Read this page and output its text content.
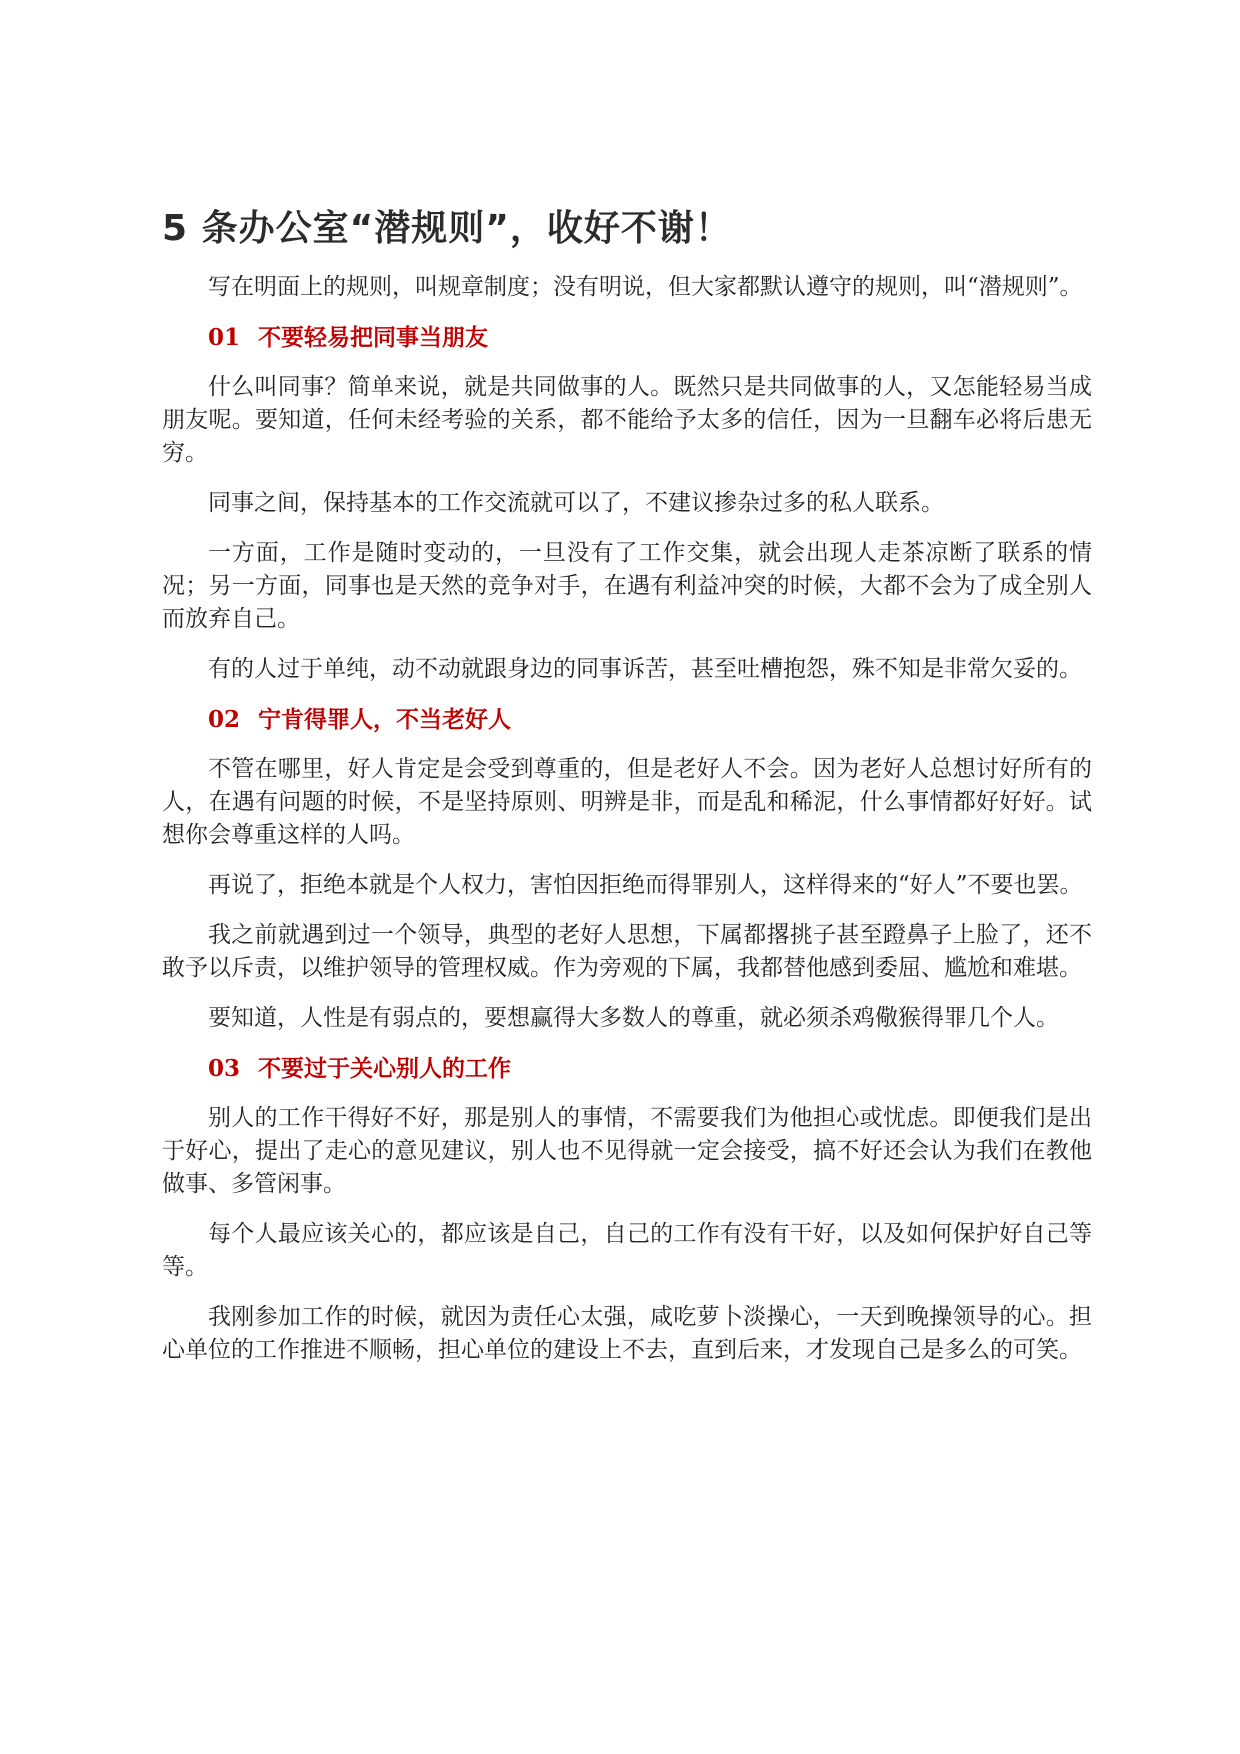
5 条办公室“潜规则”，收好不谢！

写在明面上的规则，叫规章制度；没有明说，但大家都默认遵守的规则，叫“潜规则”。

01 不要轻易把同事当朋友

什么叫同事？简单来说，就是共同做事的人。既然只是共同做事的人，又怎能轻易当成朋友呢。要知道，任何未经考验的关系，都不能给予太多的信任，因为一旦翻车必将后患无穷。

同事之间，保持基本的工作交流就可以了，不建议掺杂过多的私人联系。

一方面，工作是随时变动的，一旦没有了工作交集，就会出现人走茶凉断了联系的情况；另一方面，同事也是天然的竞争对手，在遇有利益冲突的时候，大都不会为了成全别人而放弃自己。

有的人过于单纯，动不动就跟身边的同事诉苦，甚至吐槽抱怨，殊不知是非常欠妥的。

02 宁肯得罪人，不当老好人

不管在哪里，好人肯定是会受到尊重的，但是老好人不会。因为老好人总想讨好所有的人，在遇有问题的时候，不是坚持原则、明辨是非，而是乱和稀泥，什么事情都好好好。试想你会尊重这样的人吗。

再说了，拒绝本就是个人权力，害怕因拒绝而得罪别人，这样得来的“好人”不要也罢。

我之前就遇到过一个领导，典型的老好人思想，下属都撂挑子甚至蹬鼻子上脸了，还不敢予以斥责，以维护领导的管理权威。作为旁观的下属，我都替他感到委屈、尴尬和难堪。

要知道，人性是有弱点的，要想赢得大多数人的尊重，就必须杀鸡儆猴得罪几个人。

03 不要过于关心别人的工作

别人的工作干得好不好，那是别人的事情，不需要我们为他担心或忧虑。即便我们是出于好心，提出了走心的意见建议，别人也不见得就一定会接受，搞不好还会认为我们在教他做事、多管闲事。

每个人最应该关心的，都应该是自己，自己的工作有没有干好，以及如何保护好自己等等。

我刚参加工作的时候，就因为责任心太强，咸吃萝卜淡操心，一天到晚操领导的心。担心单位的工作推进不顺畅，担心单位的建设上不去，直到后来，才发现自己是多么的可笑。
